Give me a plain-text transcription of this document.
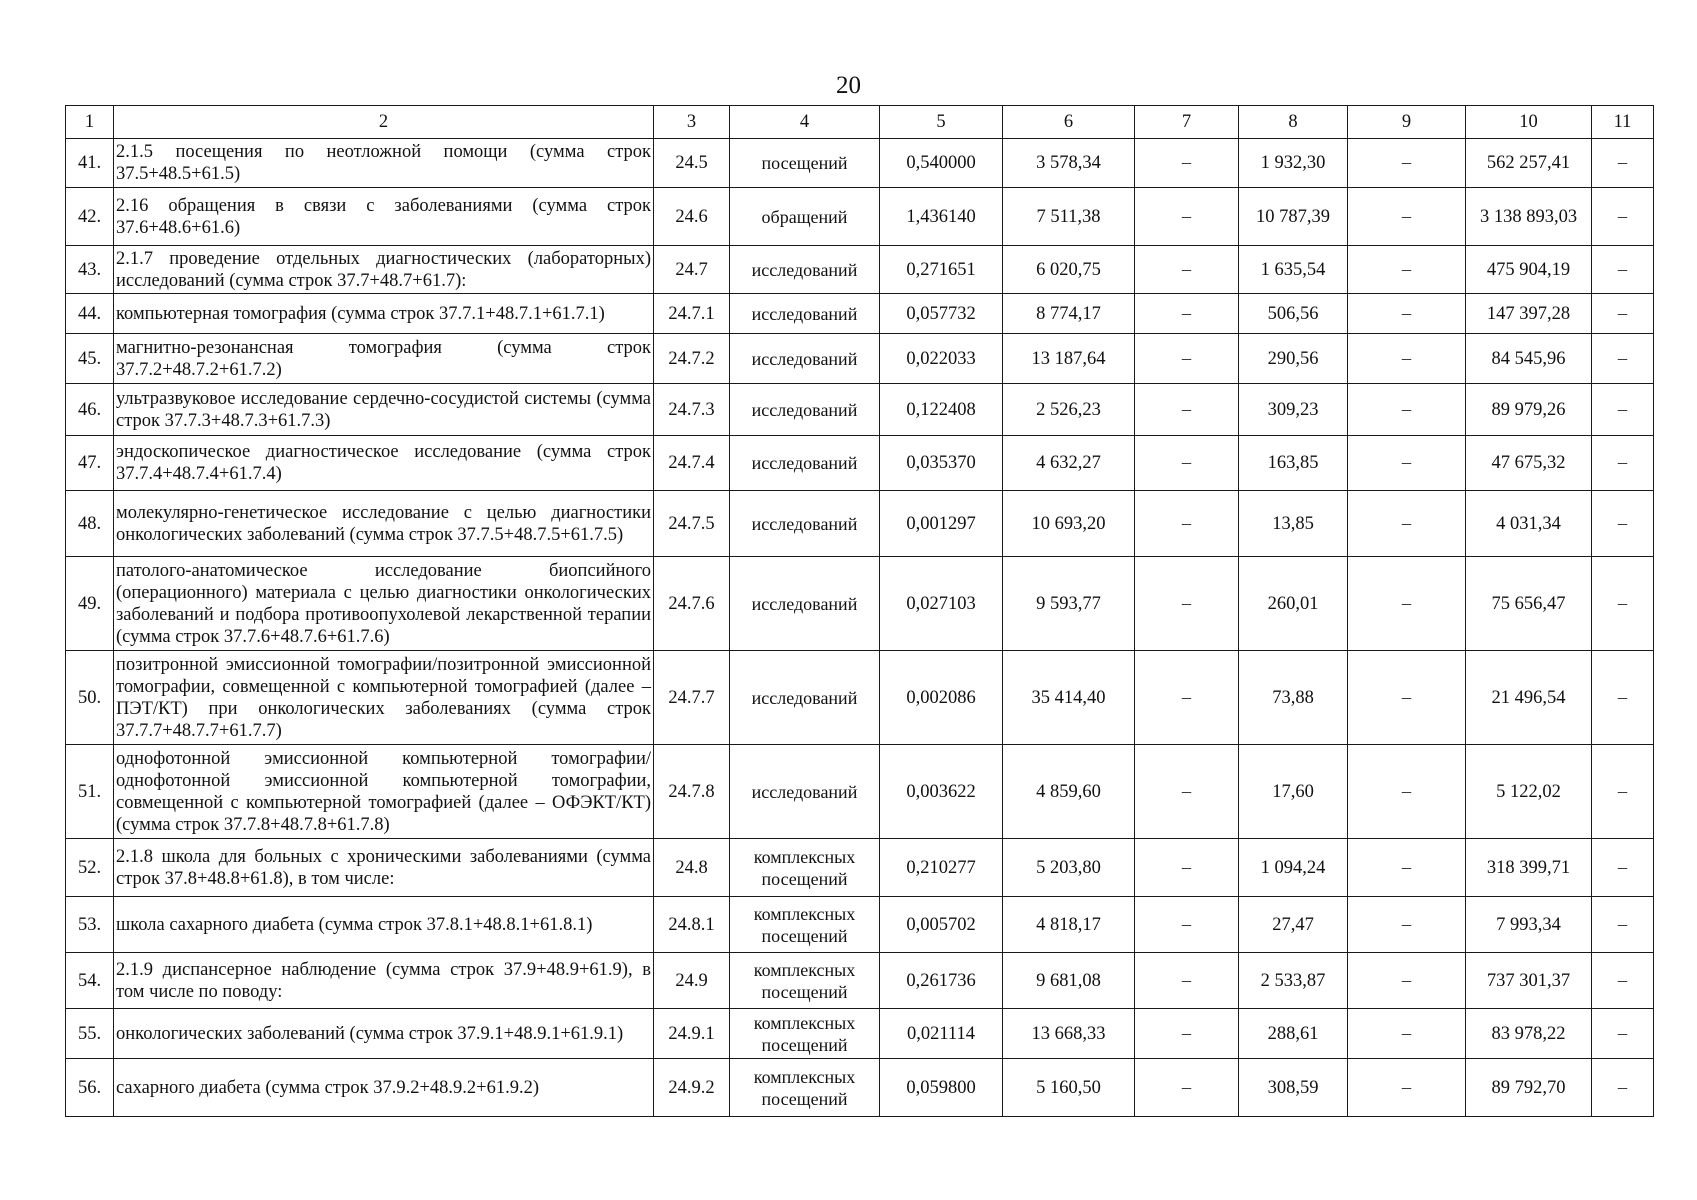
20
1	2	3	4	5	6	7	8	9	10	11
41.	2.1.5 посещения по неотложной помощи (сумма строк 37.5+48.5+61.5)	24.5	посещений	0,540000	3 578,34	–	1 932,30	–	562 257,41	–
42.	2.16 обращения в связи с заболеваниями (сумма строк 37.6+48.6+61.6)	24.6	обращений	1,436140	7 511,38	–	10 787,39	–	3 138 893,03	–
43.	2.1.7 проведение отдельных диагностических (лабораторных) исследований (сумма строк 37.7+48.7+61.7):	24.7	исследований	0,271651	6 020,75	–	1 635,54	–	475 904,19	–
44.	компьютерная томография (сумма строк 37.7.1+48.7.1+61.7.1)	24.7.1	исследований	0,057732	8 774,17	–	506,56	–	147 397,28	–
45.	магнитно-резонансная томография (сумма строк 37.7.2+48.7.2+61.7.2)	24.7.2	исследований	0,022033	13 187,64	–	290,56	–	84 545,96	–
46.	ультразвуковое исследование сердечно-сосудистой системы (сумма строк 37.7.3+48.7.3+61.7.3)	24.7.3	исследований	0,122408	2 526,23	–	309,23	–	89 979,26	–
47.	эндоскопическое диагностическое исследование (сумма строк 37.7.4+48.7.4+61.7.4)	24.7.4	исследований	0,035370	4 632,27	–	163,85	–	47 675,32	–
48.	молекулярно-генетическое исследование с целью диагностики онкологических заболеваний (сумма строк 37.7.5+48.7.5+61.7.5)	24.7.5	исследований	0,001297	10 693,20	–	13,85	–	4 031,34	–
49.	патолого-анатомическое исследование биопсийного (операционного) материала с целью диагностики онкологических заболеваний и подбора противоопухолевой лекарственной терапии (сумма строк 37.7.6+48.7.6+61.7.6)	24.7.6	исследований	0,027103	9 593,77	–	260,01	–	75 656,47	–
50.	позитронной эмиссионной томографии/позитронной эмиссионной томографии, совмещенной с компьютерной томографией (далее – ПЭТ/КТ) при онкологических заболеваниях (сумма строк 37.7.7+48.7.7+61.7.7)	24.7.7	исследований	0,002086	35 414,40	–	73,88	–	21 496,54	–
51.	однофотонной эмиссионной компьютерной томографии/однофотонной эмиссионной компьютерной томографии, совмещенной с компьютерной томографией (далее – ОФЭКТ/КТ) (сумма строк 37.7.8+48.7.8+61.7.8)	24.7.8	исследований	0,003622	4 859,60	–	17,60	–	5 122,02	–
52.	2.1.8 школа для больных с хроническими заболеваниями (сумма строк 37.8+48.8+61.8), в том числе:	24.8	комплексных посещений	0,210277	5 203,80	–	1 094,24	–	318 399,71	–
53.	школа сахарного диабета (сумма строк 37.8.1+48.8.1+61.8.1)	24.8.1	комплексных посещений	0,005702	4 818,17	–	27,47	–	7 993,34	–
54.	2.1.9 диспансерное наблюдение (сумма строк 37.9+48.9+61.9), в том числе по поводу:	24.9	комплексных посещений	0,261736	9 681,08	–	2 533,87	–	737 301,37	–
55.	онкологических заболеваний (сумма строк 37.9.1+48.9.1+61.9.1)	24.9.1	комплексных посещений	0,021114	13 668,33	–	288,61	–	83 978,22	–
56.	сахарного диабета (сумма строк 37.9.2+48.9.2+61.9.2)	24.9.2	комплексных посещений	0,059800	5 160,50	–	308,59	–	89 792,70	–
